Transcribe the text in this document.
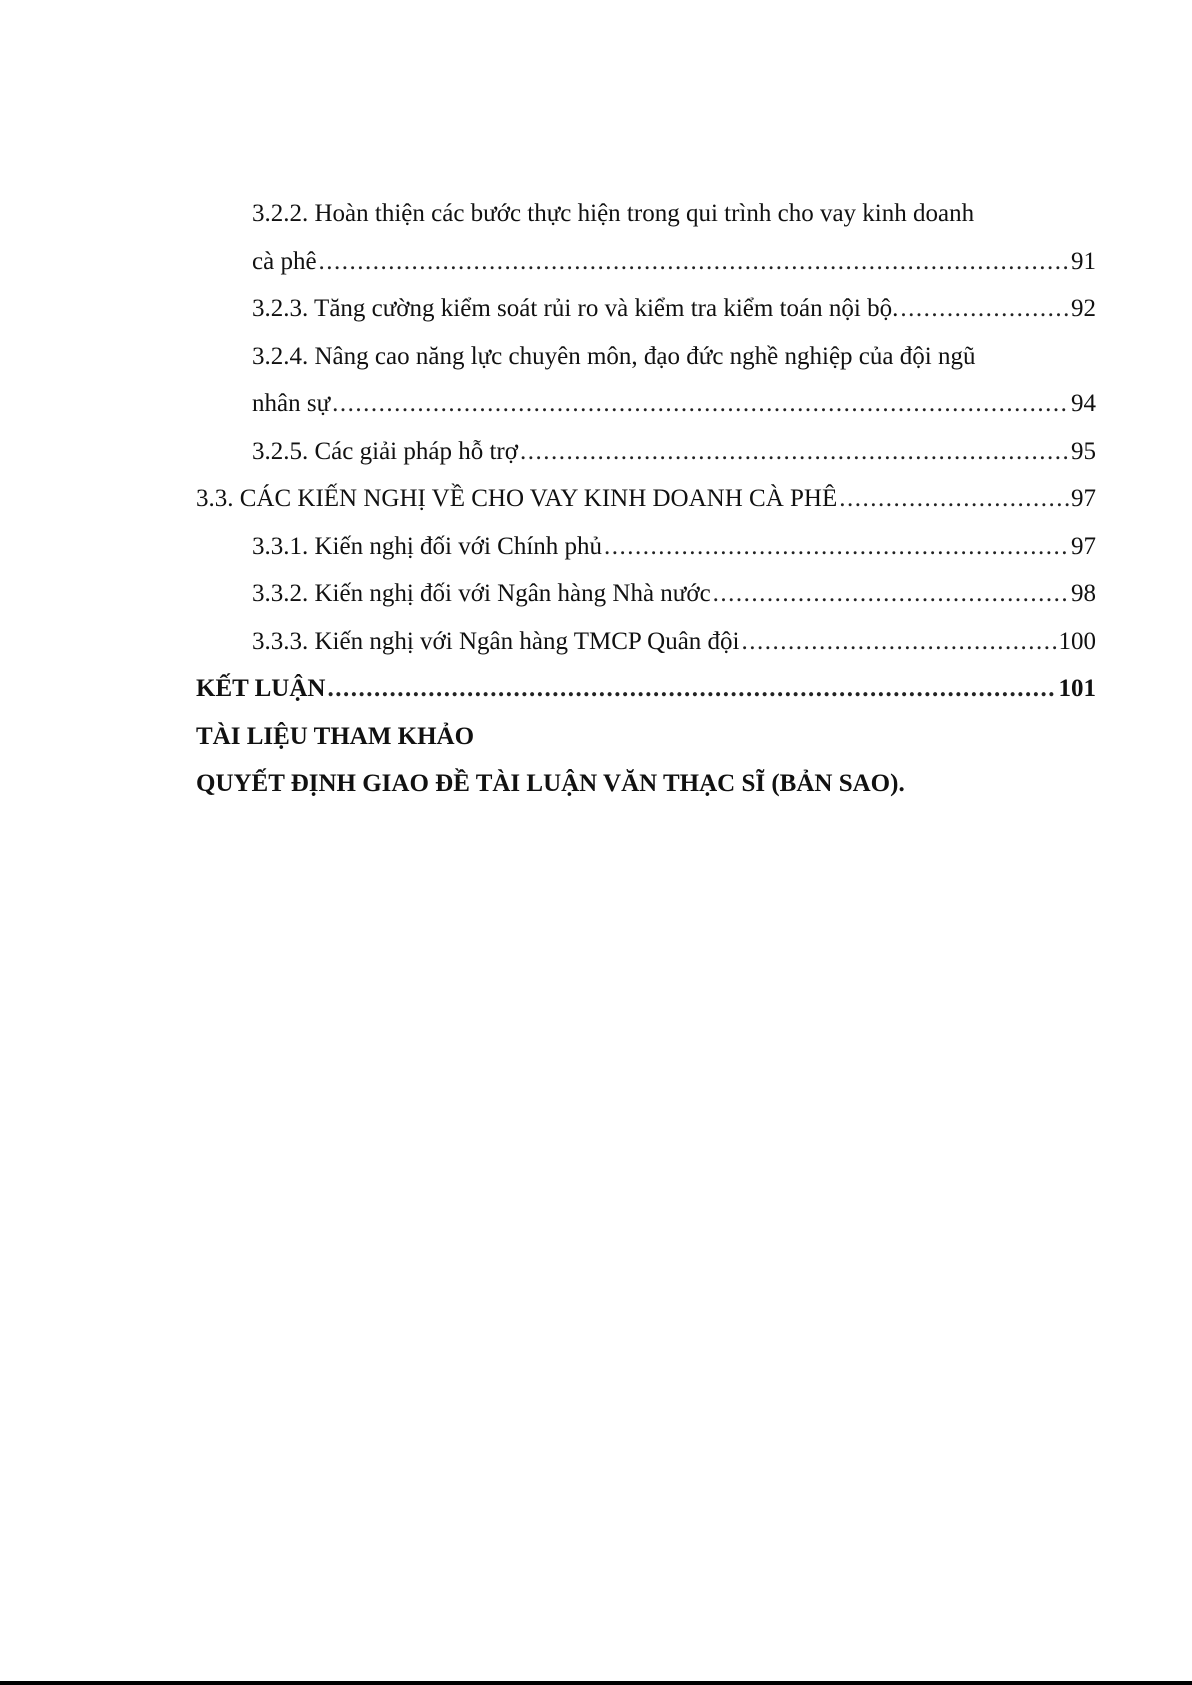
3.2.2. Hoàn thiện các bước thực hiện trong qui trình cho vay kinh doanh
cà phê .....	91
3.2.3. Tăng cường kiểm soát rủi ro và kiểm tra kiểm toán nội bộ. .....	92
3.2.4. Nâng cao năng lực chuyên môn, đạo đức nghề nghiệp của đội ngũ
nhân sự .....	94
3.2.5. Các giải pháp hỗ trợ .....	95
3.3. CÁC KIẾN NGHỊ VỀ CHO VAY KINH DOANH CÀ PHÊ .....	97
3.3.1. Kiến nghị đối với Chính phủ .....	97
3.3.2. Kiến nghị đối với Ngân hàng Nhà nước .....	98
3.3.3. Kiến nghị với Ngân hàng TMCP Quân đội .....	100
KẾT LUẬN .....	101
TÀI LIỆU THAM KHẢO
QUYẾT ĐỊNH GIAO ĐỀ TÀI LUẬN VĂN THẠC SĨ (BẢN SAO).
